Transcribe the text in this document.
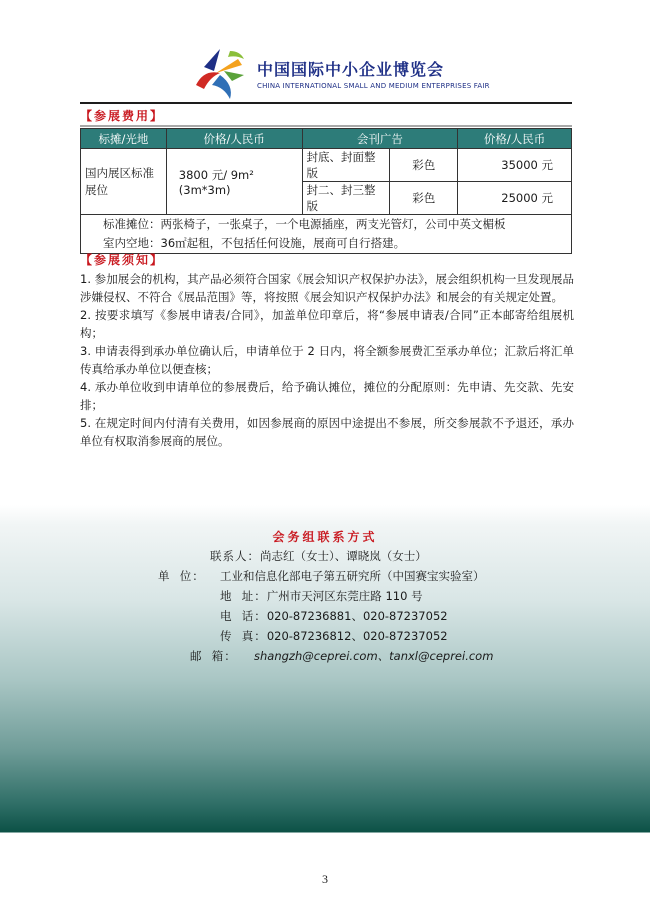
中国国际中小企业博览会
CHINA INTERNATIONAL SMALL AND MEDIUM ENTERPRISES FAIR
【参展费用】
标摊/光地	价格/人民币	会刊广告		价格/人民币
国内展区标准展位	3800 元/ 9m² (3m*3m)	封底、封面整版	彩色	35000 元
		封二、封三整版	彩色	25000 元

标准摊位：两张椅子，一张桌子，一个电源插座，两支光管灯，公司中英文楣板
室内空地：36㎡起租，不包括任何设施，展商可自行搭建。				
【参展须知】

1. 参加展会的机构，其产品必须符合国家《展会知识产权保护办法》，展会组织机构一旦发现展品涉嫌侵权、不符合《展品范围》等，将按照《展会知识产权保护办法》和展会的有关规定处置。

2. 按要求填写《参展申请表/合同》，加盖单位印章后，将“参展申请表/合同”正本邮寄给组展机构；

3. 申请表得到承办单位确认后，申请单位于 2 日内，将全额参展费汇至承办单位；汇款后将汇单传真给承办单位以便查核；

4. 承办单位收到申请单位的参展费后，给予确认摊位，摊位的分配原则：先申请、先交款、先安排；

5. 在规定时间内付清有关费用，如因参展商的原因中途提出不参展，所交参展款不予退还，承办单位有权取消参展商的展位。

会务组联系方式
联系人：尚志红（女士）、谭晓岚（女士）
单  位： 工业和信息化部电子第五研究所（中国赛宝实验室）
地  址：广州市天河区东莞庄路 110 号
电  话：020-87236881、020-87237052
传  真：020-87236812、020-87237052
邮  箱： shangzh@ceprei.com、tanxl@ceprei.com
3
